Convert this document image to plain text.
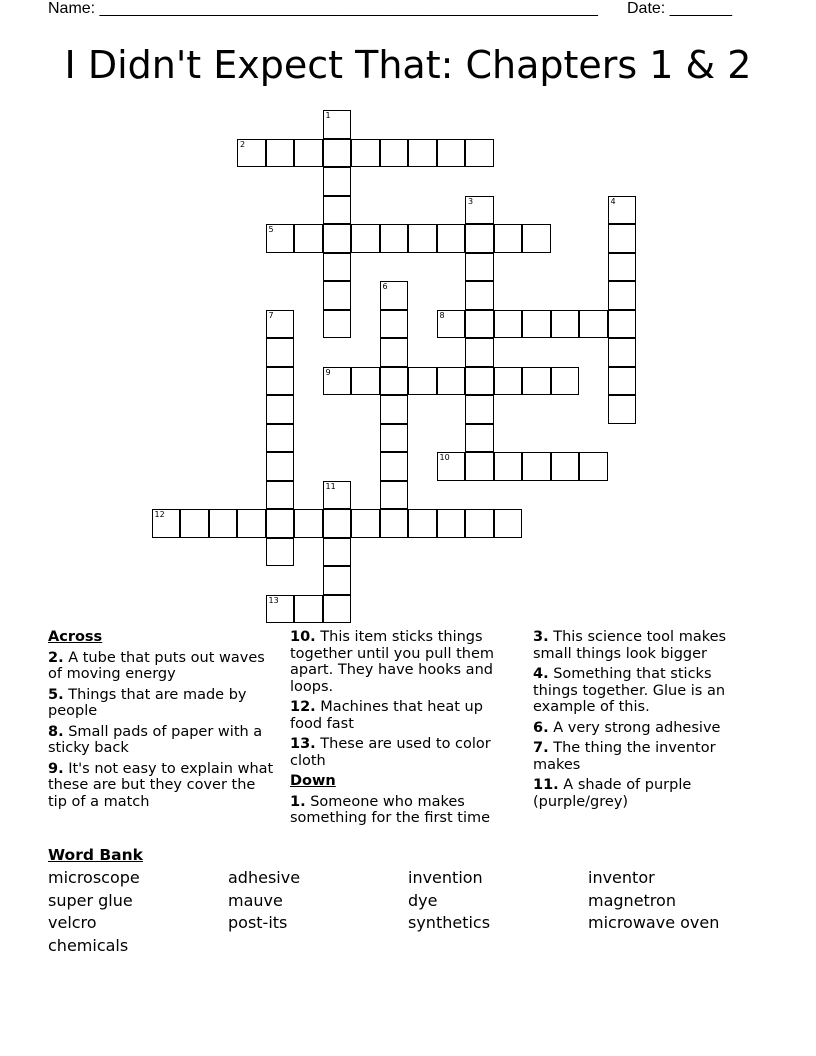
Name: ________________________________________________________ Date: _______
I Didn't Expect That: Chapters 1 & 2
2
5
8
9
10
12
13
1
3	4
6
7
11
Across
2. A tube that puts out waves of moving energy
5. Things that are made by people
8. Small pads of paper with a sticky back
9. It's not easy to explain what these are but they cover the tip of a match
10. This item sticks things together until you pull them apart. They have hooks and loops.
12. Machines that heat up food fast
13. These are used to color cloth
Down
1. Someone who makes something for the first time
3. This science tool makes small things look bigger
4. Something that sticks things together. Glue is an example of this.
6. A very strong adhesive
7. The thing the inventor makes
11. A shade of purple (purple/grey)
Word Bank
microscope	adhesive	invention	inventor
super glue	mauve	dye	magnetron
velcro	post-its	synthetics	microwave oven
chemicals
